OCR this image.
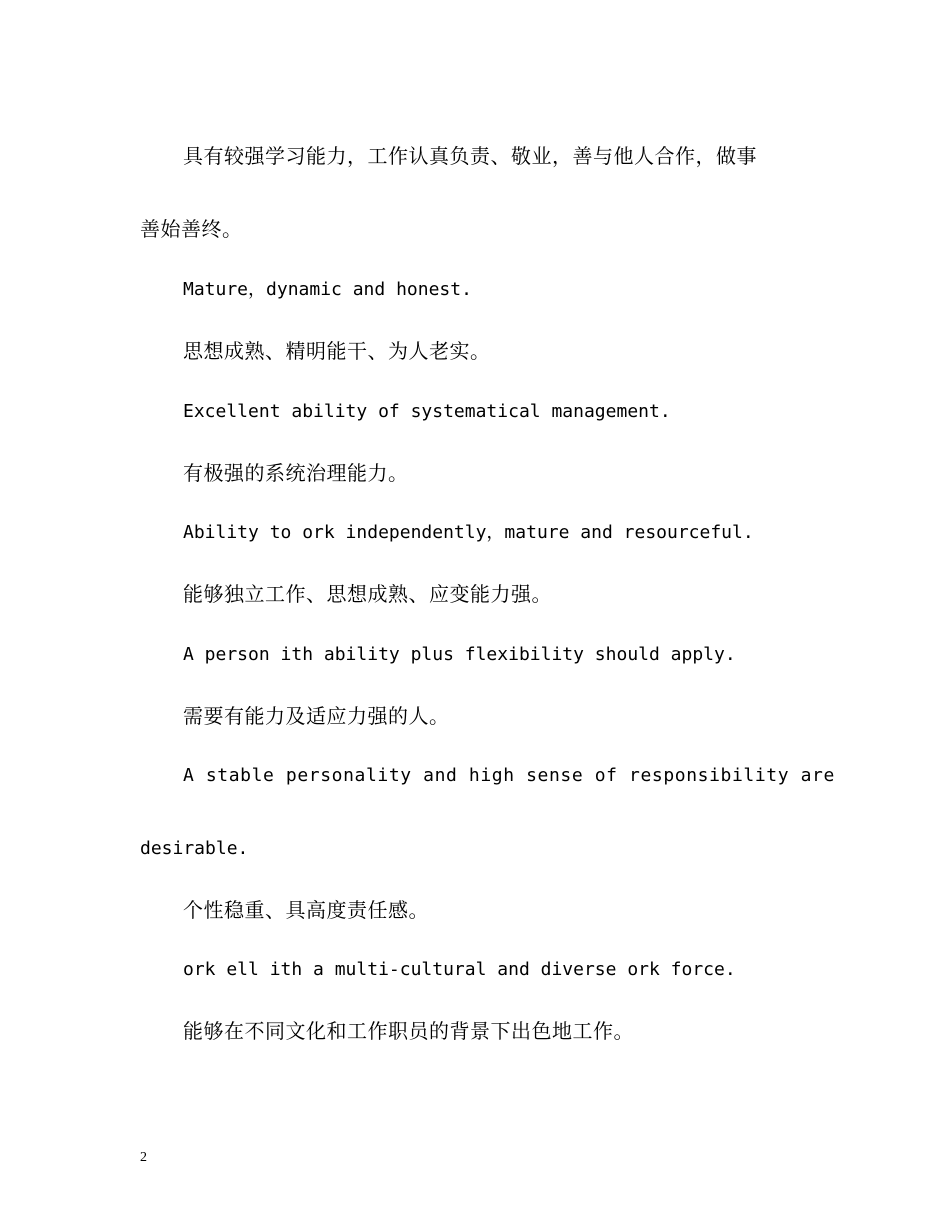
具有较强学习能力，工作认真负责、敬业，善与他人合作，做事

善始善终。

Mature，dynamic and honest.

思想成熟、精明能干、为人老实。

Excellent ability of systematical management.

有极强的系统治理能力。

Ability to ork independently，mature and resourceful.

能够独立工作、思想成熟、应变能力强。

A person ith ability plus flexibility should apply.

需要有能力及适应力强的人。

A stable personality and high sense of responsibility are

desirable.

个性稳重、具高度责任感。

ork ell ith a multi-cultural and diverse ork force.

能够在不同文化和工作职员的背景下出色地工作。

2
